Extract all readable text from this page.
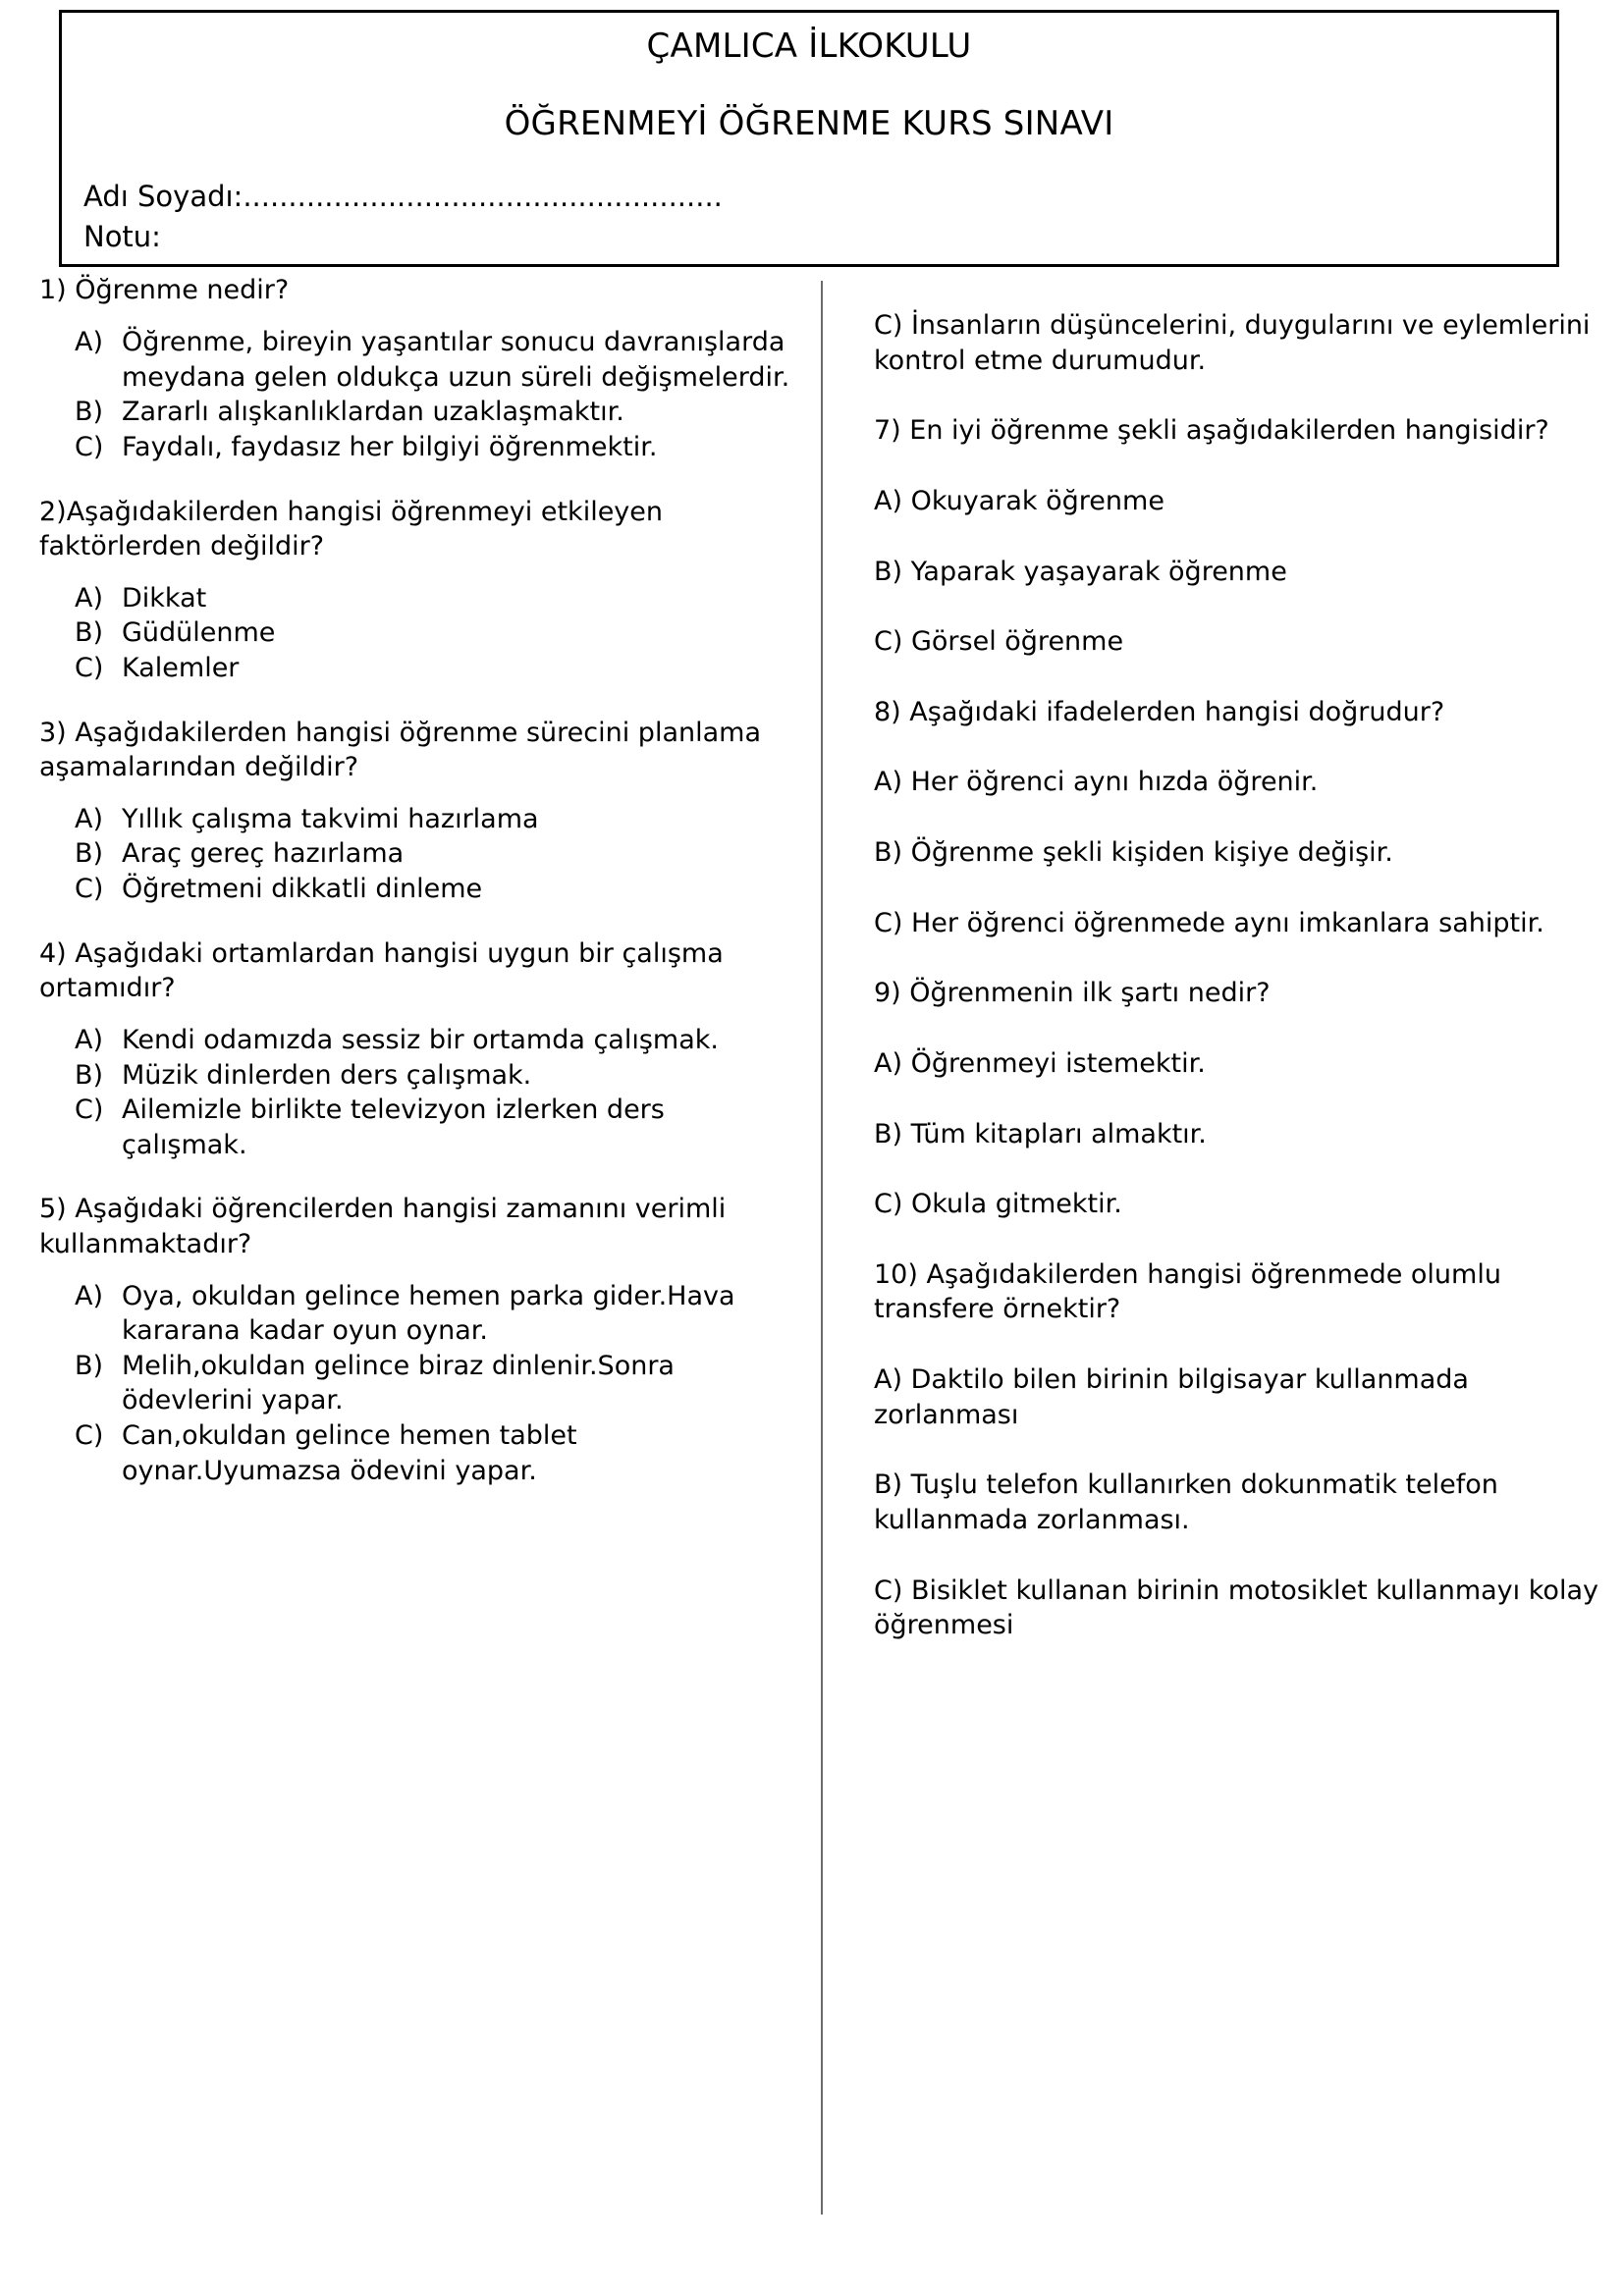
ÇAMLICA İLKOKULU
ÖĞRENMEYİ ÖĞRENME KURS SINAVI
Adı Soyadı:.....................................................
Notu:
1) Öğrenme nedir?
A) Öğrenme, bireyin yaşantılar sonucu davranışlarda meydana gelen oldukça uzun süreli değişmelerdir.
B) Zararlı alışkanlıklardan uzaklaşmaktır.
C) Faydalı, faydasız her bilgiyi öğrenmektir.
2)Aşağıdakilerden hangisi öğrenmeyi etkileyen faktörlerden değildir?
A) Dikkat
B) Güdülenme
C) Kalemler
3) Aşağıdakilerden hangisi öğrenme sürecini planlama aşamalarından değildir?
A) Yıllık çalışma takvimi hazırlama
B) Araç gereç hazırlama
C) Öğretmeni dikkatli dinleme
4) Aşağıdaki ortamlardan hangisi uygun bir çalışma ortamıdır?
A) Kendi odamızda sessiz bir ortamda çalışmak.
B) Müzik dinlerden ders çalışmak.
C) Ailemizle birlikte televizyon izlerken ders çalışmak.
5) Aşağıdaki öğrencilerden hangisi zamanını verimli kullanmaktadır?
A) Oya, okuldan gelince hemen parka gider.Hava kararana kadar oyun oynar.
B) Melih,okuldan gelince biraz dinlenir.Sonra ödevlerini yapar.
C) Can,okuldan gelince hemen tablet oynar.Uyumazsa ödevini yapar.
C) İnsanların düşüncelerini, duygularını ve eylemlerini kontrol etme durumudur.
7) En iyi öğrenme şekli aşağıdakilerden hangisidir?
A) Okuyarak öğrenme
B) Yaparak yaşayarak öğrenme
C) Görsel öğrenme
8) Aşağıdaki ifadelerden hangisi doğrudur?
A) Her öğrenci aynı hızda öğrenir.
B) Öğrenme şekli kişiden kişiye değişir.
C) Her öğrenci öğrenmede aynı imkanlara sahiptir.
9) Öğrenmenin ilk şartı nedir?
A) Öğrenmeyi istemektir.
B) Tüm kitapları almaktır.
C) Okula gitmektir.
10) Aşağıdakilerden hangisi öğrenmede olumlu transfere örnektir?
A) Daktilo bilen birinin bilgisayar kullanmada zorlanması
B) Tuşlu telefon kullanırken dokunmatik telefon kullanmada zorlanması.
C) Bisiklet kullanan birinin motosiklet kullanmayı kolay öğrenmesi
